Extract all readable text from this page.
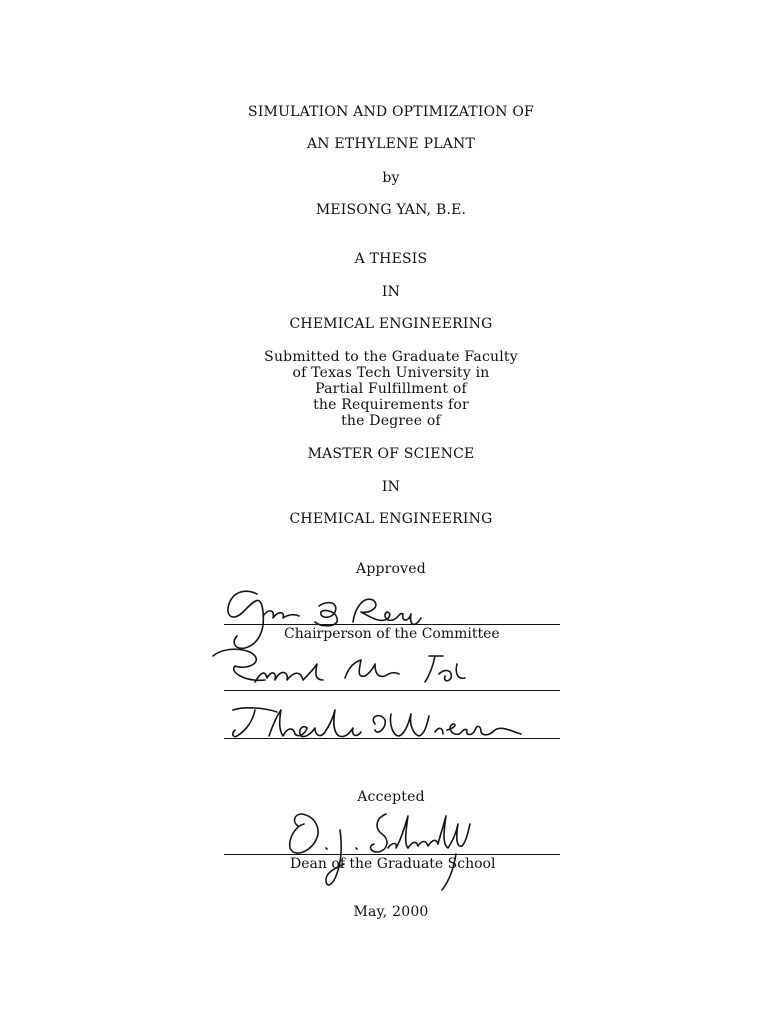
SIMULATION AND OPTIMIZATION OF
AN ETHYLENE PLANT
by
MEISONG YAN, B.E.
A THESIS
IN
CHEMICAL ENGINEERING
Submitted to the Graduate Faculty
of Texas Tech University in
Partial Fulfillment of
the Requirements for
the Degree of
MASTER OF SCIENCE
IN
CHEMICAL ENGINEERING
Approved
Chairperson of the Committee
Accepted
Dean of the Graduate School
May, 2000
